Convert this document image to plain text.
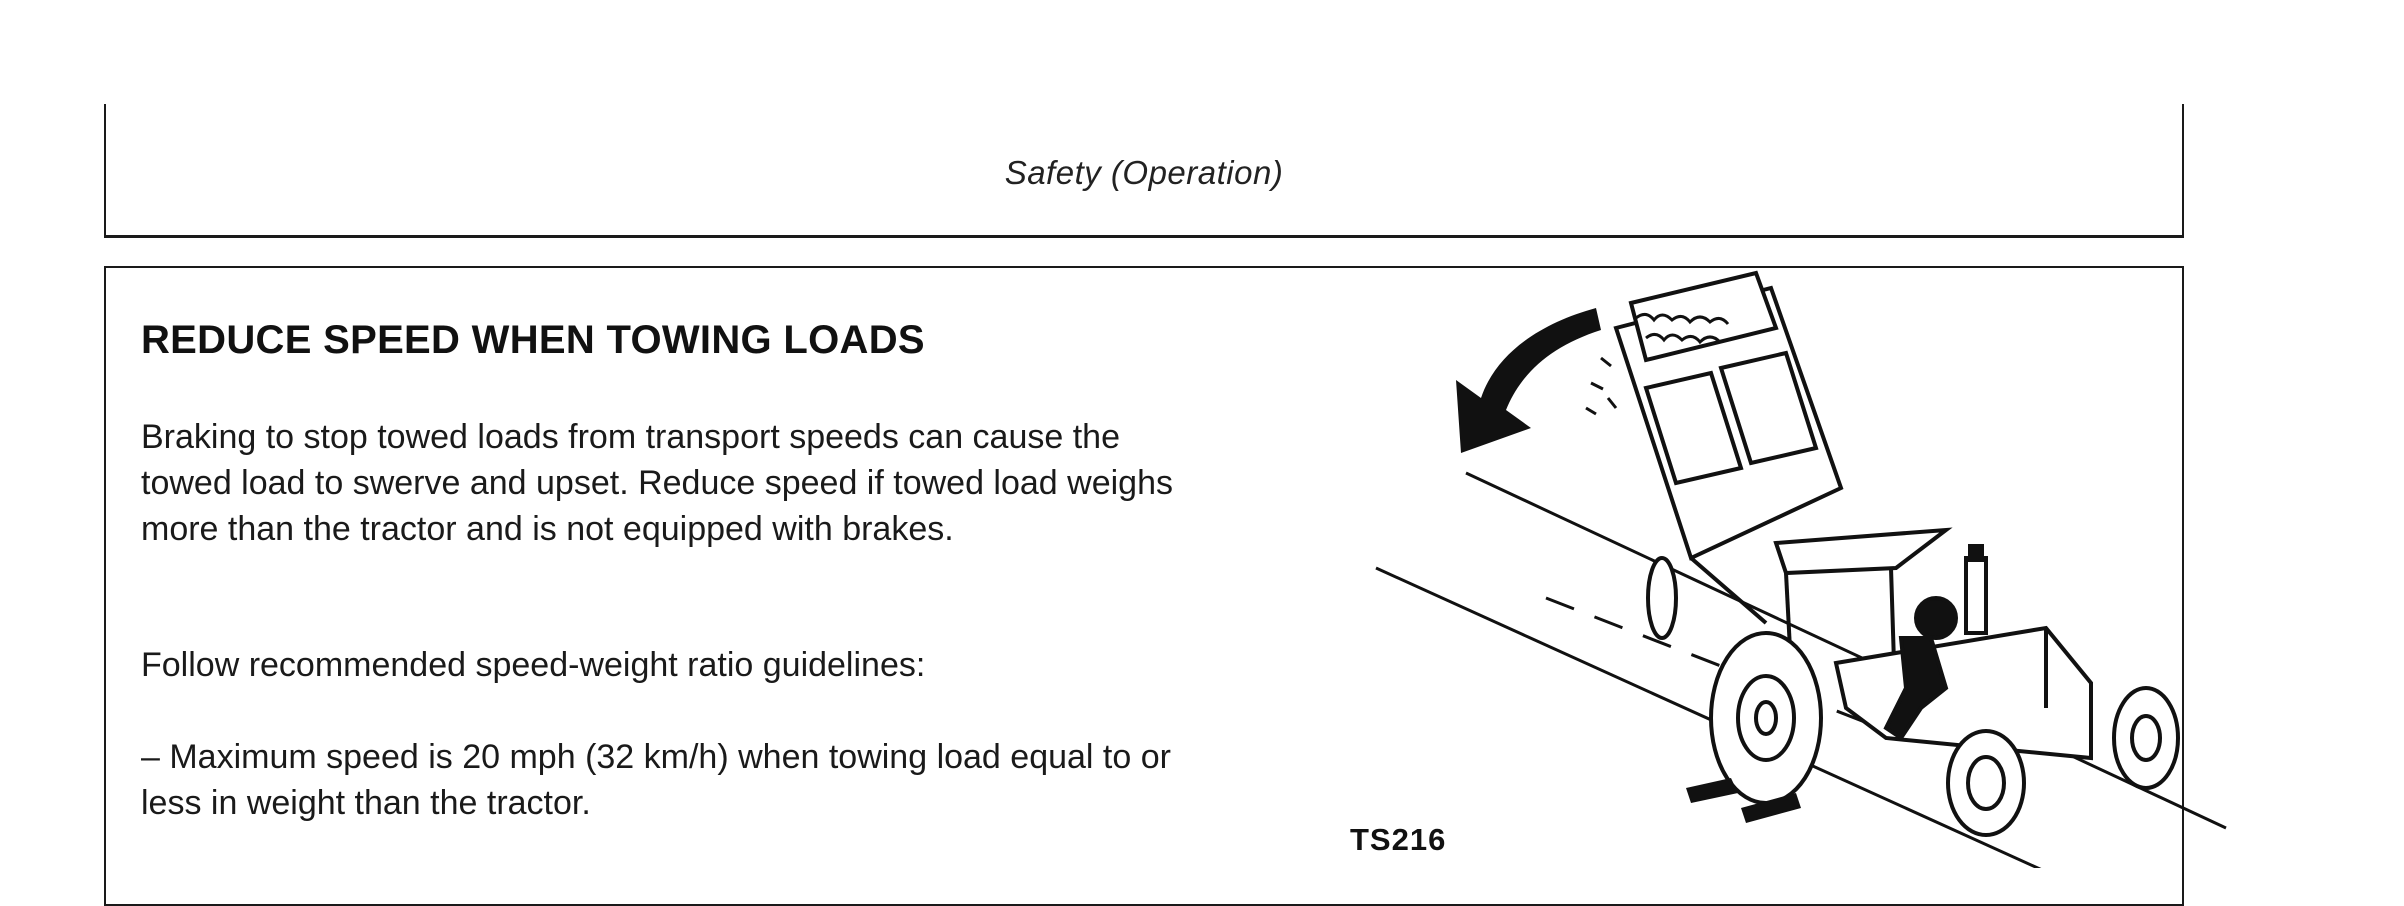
Safety (Operation)
REDUCE SPEED WHEN TOWING LOADS

Braking to stop towed loads from transport speeds can cause the towed load to swerve and upset. Reduce speed if towed load weighs more than the tractor and is not equipped with brakes.

Follow recommended speed-weight ratio guidelines:

– Maximum speed is 20 mph (32 km/h) when towing load equal to or less in weight than the tractor.

TS216
